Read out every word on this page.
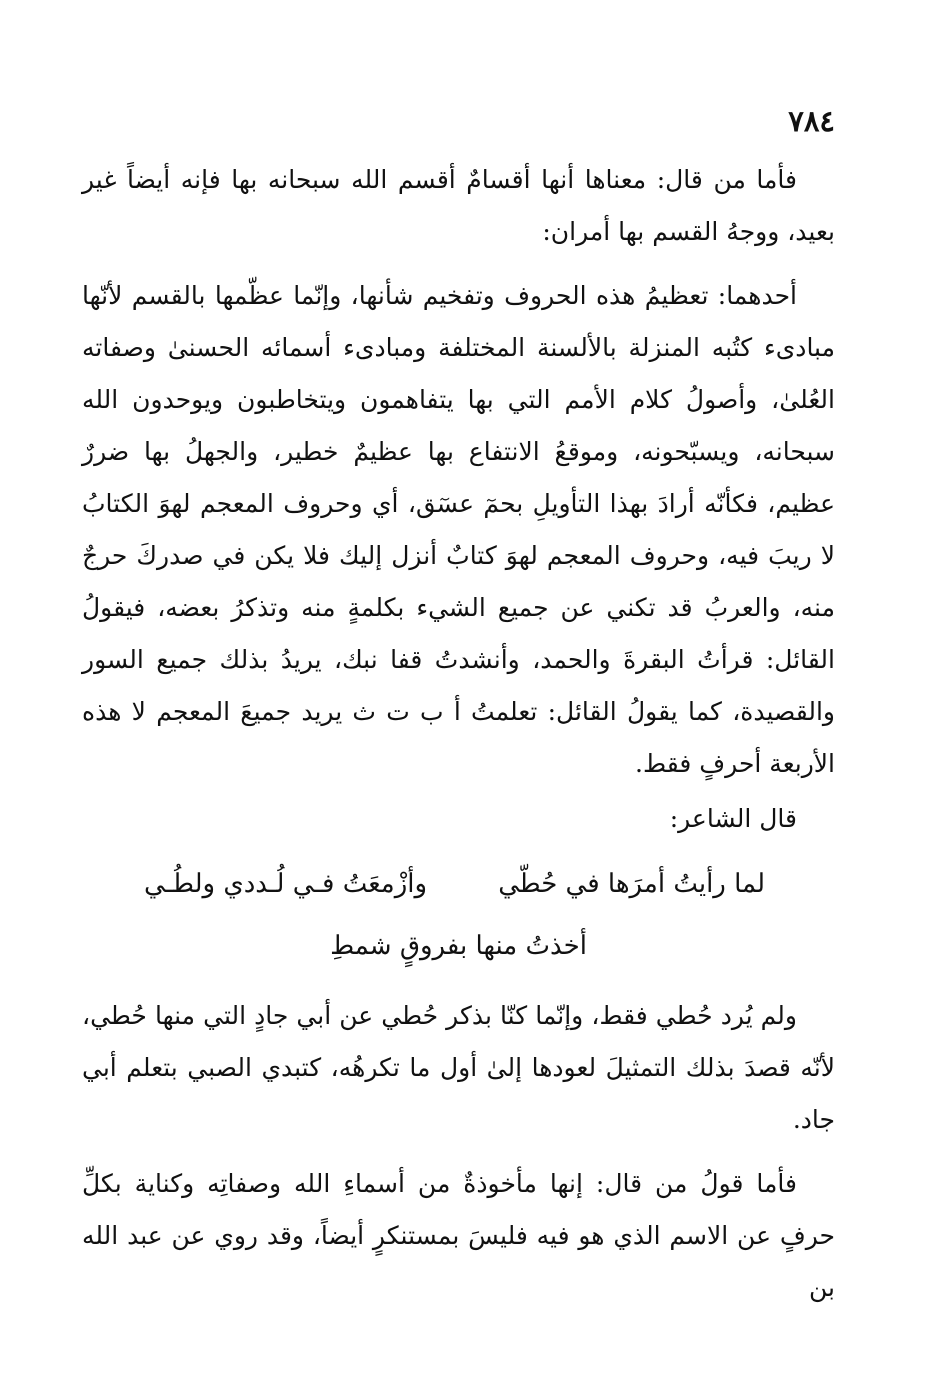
٧٨٤

فأما من قال: معناها أنها أقسامٌ أقسم الله سبحانه بها فإنه أيضاً غير بعيد، ووجهُ القسم بها أمران:

أحدهما: تعظيمُ هذه الحروف وتفخيم شأنها، وإنّما عظّمها بالقسم لأنّها مبادىء كتُبه المنزلة بالألسنة المختلفة ومبادىء أسمائه الحسنىٰ وصفاته العُلىٰ، وأصولُ كلام الأمم التي بها يتفاهمون ويتخاطبون ويوحدون الله سبحانه، ويسبّحونه، وموقعُ الانتفاع بها عظيمٌ خطير، والجهلُ بها ضررٌ عظيم، فكأنّه أرادَ بهذا التأويلِ بحمٓ عسٓق، أي وحروف المعجم لهوَ الكتابُ لا ريبَ فيه، وحروف المعجم لهوَ كتابٌ أنزل إليك فلا يكن في صدركَ حرجٌ منه، والعربُ قد تكني عن جميع الشيء بكلمةٍ منه وتذكرُ بعضه، فيقولُ القائل: قرأتُ البقرةَ والحمد، وأنشدتُ قفا نبك، يريدُ بذلك جميع السور والقصيدة، كما يقولُ القائل: تعلمتُ أ ب ت ث يريد جميعَ المعجم لا هذه الأربعة أحرفٍ فقط.

قال الشاعر:

لما رأيتُ أمرَها في حُطّي
وأزْمعَتُ فـي لُـددي ولطُـي
أخذتُ منها بفروقٍ شمطِ

ولم يُرد حُطي فقط، وإنّما كنّا بذكر حُطي عن أبي جادٍ التي منها حُطي، لأنّه قصدَ بذلك التمثيلَ لعودها إلىٰ أول ما تكرهُه، كتبدي الصبي بتعلم أبي جاد.

فأما قولُ من قال: إنها مأخوذةٌ من أسماءِ الله وصفاتِه وكناية بكلِّ حرفٍ عن الاسم الذي هو فيه فليسَ بمستنكرٍ أيضاً، وقد روي عن عبد الله بن
